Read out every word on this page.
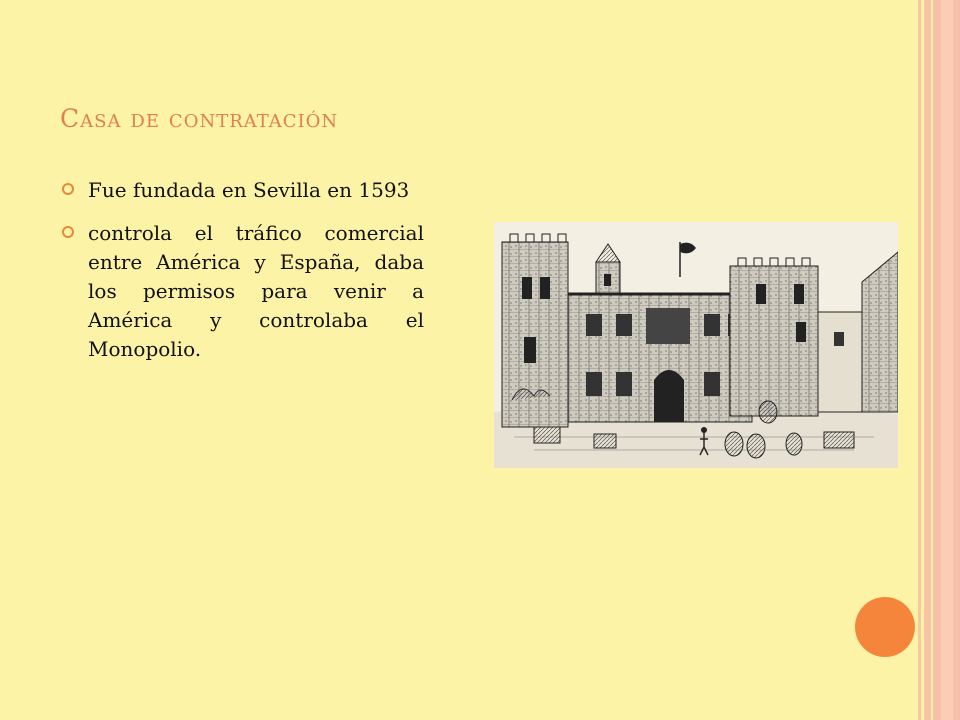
Casa de contratación
Fue fundada en Sevilla en 1593
controla el tráfico comercial entre América y España, daba los permisos para venir a América y controlaba el Monopolio.
